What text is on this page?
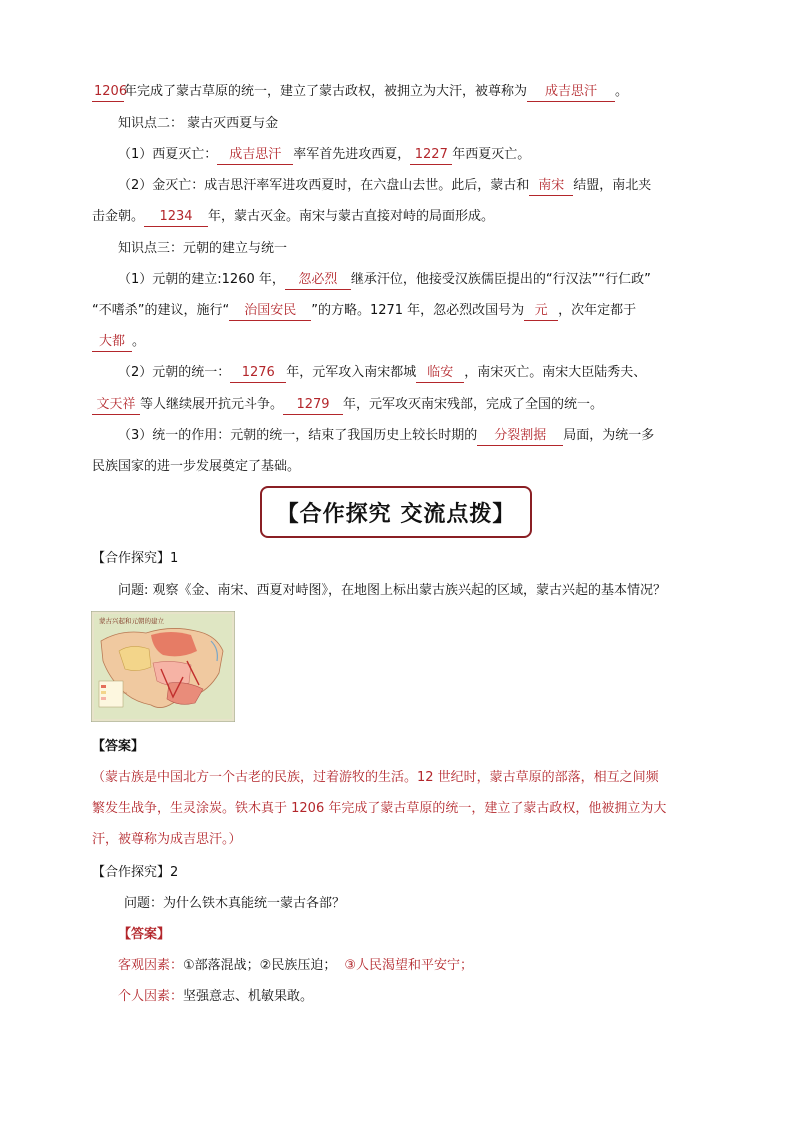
1206年完成了蒙古草原的统一，建立了蒙古政权，被拥立为大汗，被尊称为 成吉思汗 。
知识点二： 蒙古灭西夏与金
（1）西夏灭亡： 成吉思汗 率军首先进攻西夏， 1227 年西夏灭亡。
（2）金灭亡：成吉思汗率军进攻西夏时，在六盘山去世。此后，蒙古和 南宋 结盟，南北夹
击金朝。 1234 年，蒙古灭金。南宋与蒙古直接对峙的局面形成。
知识点三：元朝的建立与统一
（1）元朝的建立:1260 年， 忽必烈 继承汗位，他接受汉族儒臣提出的“行汉法”“行仁政”
“不嗜杀”的建议，施行“ 治国安民 ”的方略。1271 年，忽必烈改国号为 元 ，次年定都于
大都 。
（2）元朝的统一： 1276 年，元军攻入南宋都城 临安 ，南宋灭亡。南宋大臣陆秀夫、
文天祥 等人继续展开抗元斗争。 1279 年，元军攻灭南宋残部，完成了全国的统一。
（3）统一的作用：元朝的统一，结束了我国历史上较长时期的 分裂割据 局面，为统一多
民族国家的进一步发展奠定了基础。
【合作探究 交流点拨】
【合作探究】1
问题: 观察《金、南宋、西夏对峙图》，在地图上标出蒙古族兴起的区域，蒙古兴起的基本情况？
蒙古兴起和元朝的建立
【答案】
（蒙古族是中国北方一个古老的民族，过着游牧的生活。12 世纪时，蒙古草原的部落，相互之间频
繁发生战争，生灵涂炭。铁木真于 1206 年完成了蒙古草原的统一，建立了蒙古政权，他被拥立为大
汗，被尊称为成吉思汗。）
【合作探究】2
问题：为什么铁木真能统一蒙古各部？
【答案】
客观因素：①部落混战；②民族压迫； ③人民渴望和平安宁；
个人因素：坚强意志、机敏果敢。
